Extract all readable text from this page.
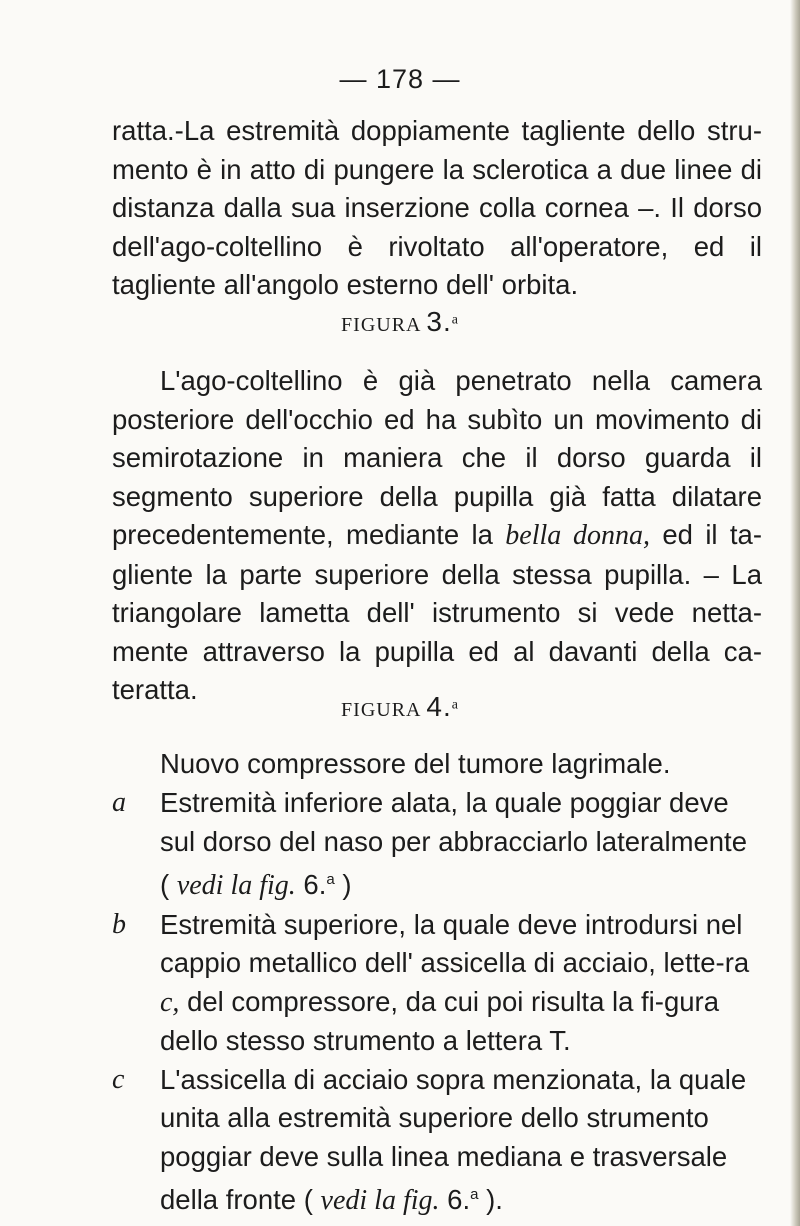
— 178 —

ratta.-La estremità doppiamente tagliente dello stru-mento è in atto di pungere la sclerotica a due linee di distanza dalla sua inserzione colla cornea –. Il dorso dell'ago-coltellino è rivoltato all'operatore, ed il tagliente all'angolo esterno dell' orbita.

FIGURA 3.$^a$

L'ago-coltellino è già penetrato nella camera posteriore dell'occhio ed ha subìto un movimento di semirotazione in maniera che il dorso guarda il segmento superiore della pupilla già fatta dilatare precedentemente, mediante la bella donna, ed il ta-gliente la parte superiore della stessa pupilla. – La triangolare lametta dell' istrumento si vede netta-mente attraverso la pupilla ed al davanti della ca-teratta.

FIGURA 4.$^a$

Nuovo compressore del tumore lagrimale.

a Estremità inferiore alata, la quale poggiar deve sul dorso del naso per abbracciarlo lateralmente
( vedi la fig. 6.$^a$ )

b Estremità superiore, la quale deve introdursi nel cappio metallico dell' assicella di acciaio, lette-ra c, del compressore, da cui poi risulta la fi-gura dello stesso strumento a lettera T.

c L'assicella di acciaio sopra menzionata, la quale unita alla estremità superiore dello strumento poggiar deve sulla linea mediana e trasversale della fronte ( vedi la fig. 6.$^a$ ).
